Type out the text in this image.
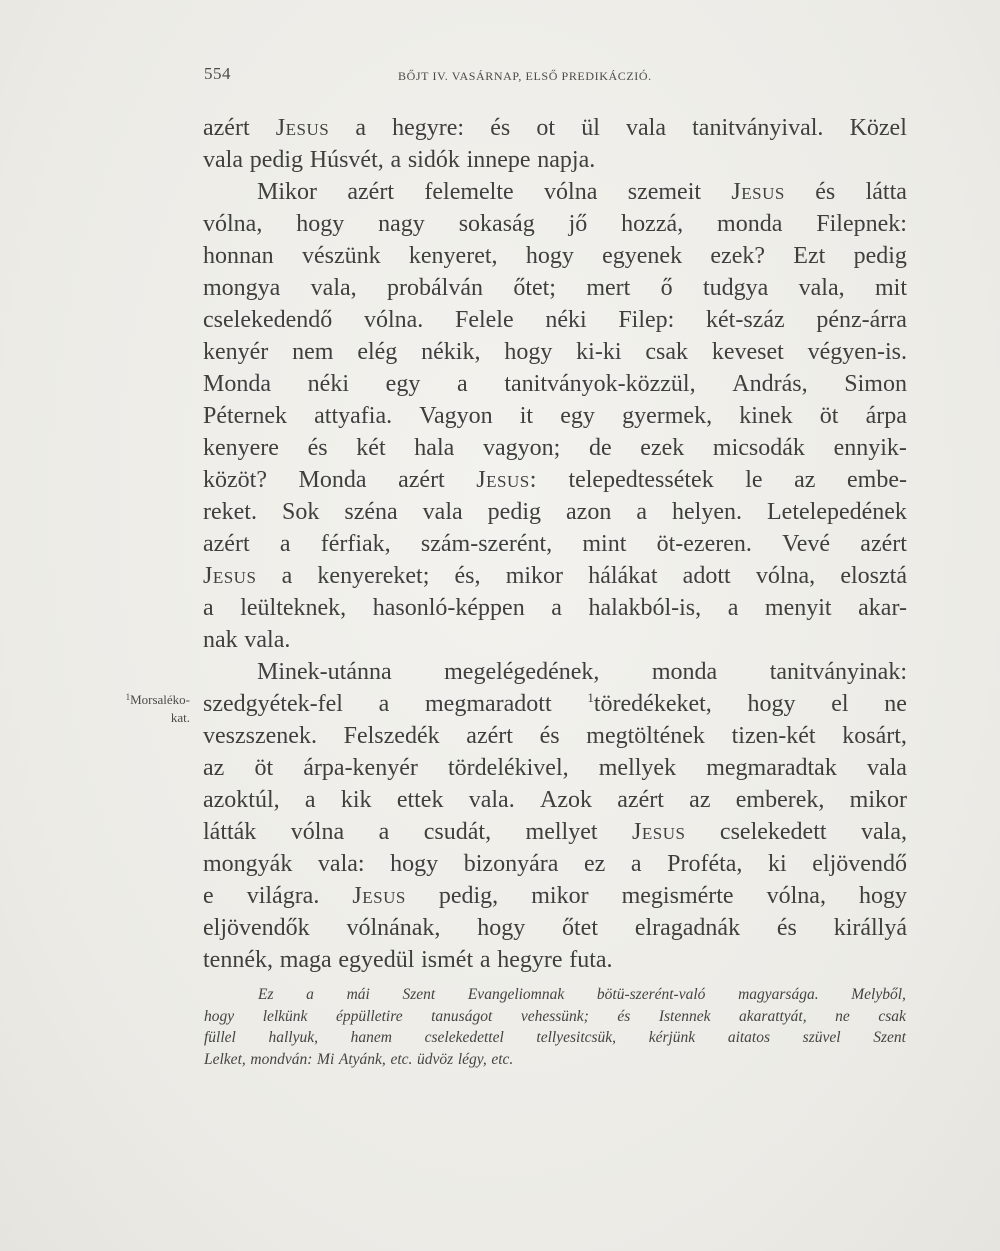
554	BŐJT IV. VASÁRNAP, ELSŐ PREDIKÁCZIÓ.
$^1$Morsaléko-
kat.
azért Jesus a hegyre: és ot ül vala tanitványival. Közel
vala pedig Húsvét, a sidók innepe napja.
Mikor azért felemelte vólna szemeit Jesus és látta
vólna, hogy nagy sokaság jő hozzá, monda Filepnek:
honnan vészünk kenyeret, hogy egyenek ezek? Ezt pedig
mongya vala, probálván őtet; mert ő tudgya vala, mit
cselekedendő vólna. Felele néki Filep: két-száz pénz-árra
kenyér nem elég nékik, hogy ki-ki csak keveset végyen-is.
Monda néki egy a tanitványok-közzül, András, Simon
Péternek attyafia. Vagyon it egy gyermek, kinek öt árpa
kenyere és két hala vagyon; de ezek micsodák ennyik-
közöt? Monda azért Jesus: telepedtessétek le az embe-
reket. Sok széna vala pedig azon a helyen. Letelepedének
azért a férfiak, szám-szerént, mint öt-ezeren. Vevé azért
Jesus a kenyereket; és, mikor hálákat adott vólna, elosztá
a leülteknek, hasonló-képpen a halakból-is, a menyit akar-
nak vala.
Minek-utánna megelégedének, monda tanitványinak:
szedgyétek-fel a megmaradott	$^1$töredékeket, hogy el ne
veszszenek. Felszedék azért és megtöltének tizen-két kosárt,
az öt árpa-kenyér tördelékivel, mellyek megmaradtak vala
azoktúl, a kik ettek vala. Azok azért az emberek, mikor
látták vólna a csudát, mellyet Jesus cselekedett vala,
mongyák vala: hogy bizonyára ez a Proféta, ki eljövendő
e világra. Jesus pedig, mikor megismérte vólna, hogy
eljövendők vólnának, hogy őtet elragadnák és királlyá
tennék, maga egyedül ismét a hegyre futa.
Ez a mái Szent Evangeliomnak bötü-szerént-való magyarsága. Melyből,
hogy lelkünk éppülletire tanuságot vehessünk; és Istennek akarattyát, ne csak
füllel hallyuk, hanem cselekedettel tellyesitcsük, kérjünk aitatos szüvel Szent
Lelket, mondván: Mi Atyánk, etc. üdvöz légy, etc.
